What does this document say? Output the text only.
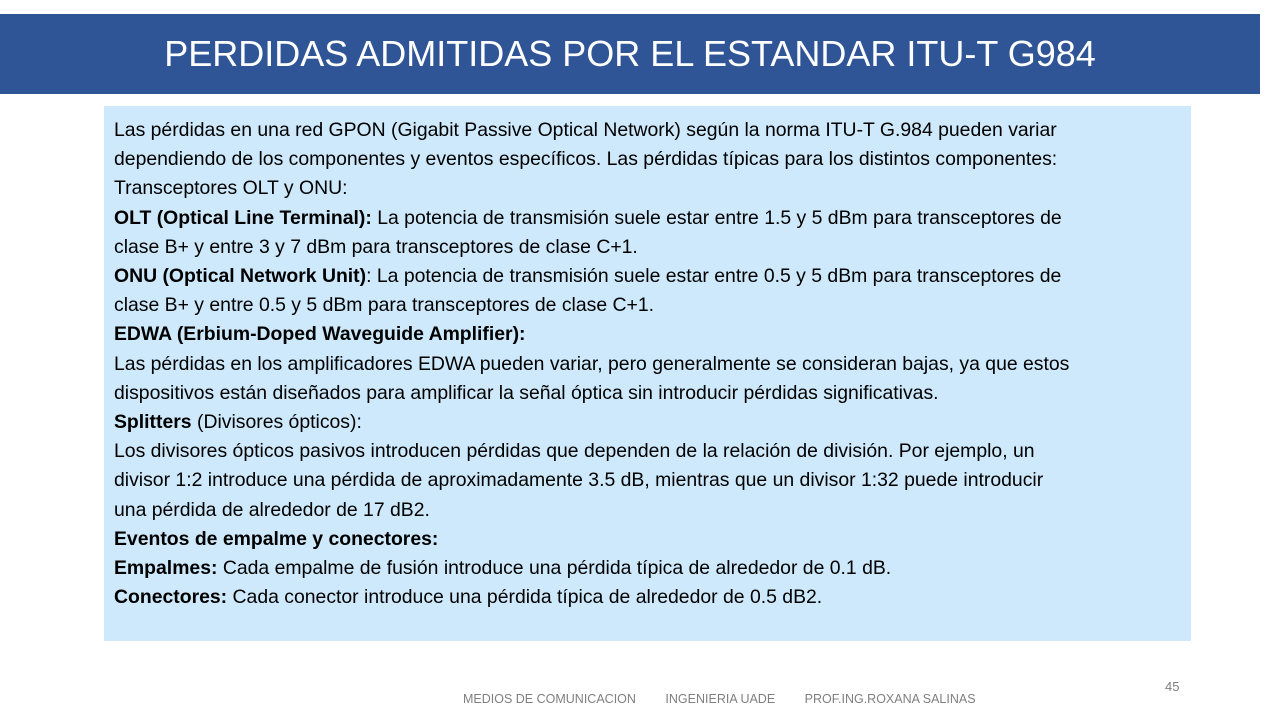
PERDIDAS ADMITIDAS POR EL ESTANDAR ITU-T G984
Las pérdidas en una red GPON (Gigabit Passive Optical Network) según la norma ITU-T G.984 pueden variar
dependiendo de los componentes y eventos específicos. Las pérdidas típicas para los distintos componentes:
Transceptores OLT y ONU:
OLT (Optical Line Terminal): La potencia de transmisión suele estar entre 1.5 y 5 dBm para transceptores de
clase B+ y entre 3 y 7 dBm para transceptores de clase C+1.
ONU (Optical Network Unit): La potencia de transmisión suele estar entre 0.5 y 5 dBm para transceptores de
clase B+ y entre 0.5 y 5 dBm para transceptores de clase C+1.
EDWA (Erbium-Doped Waveguide Amplifier):
Las pérdidas en los amplificadores EDWA pueden variar, pero generalmente se consideran bajas, ya que estos
dispositivos están diseñados para amplificar la señal óptica sin introducir pérdidas significativas.
Splitters (Divisores ópticos):
Los divisores ópticos pasivos introducen pérdidas que dependen de la relación de división. Por ejemplo, un
divisor 1:2 introduce una pérdida de aproximadamente 3.5 dB, mientras que un divisor 1:32 puede introducir
una pérdida de alrededor de 17 dB2.
Eventos de empalme y conectores:
Empalmes: Cada empalme de fusión introduce una pérdida típica de alrededor de 0.1 dB.
Conectores: Cada conector introduce una pérdida típica de alrededor de 0.5 dB2.
45
MEDIOS DE COMUNICACION INGENIERIA UADE PROF.ING.ROXANA SALINAS
